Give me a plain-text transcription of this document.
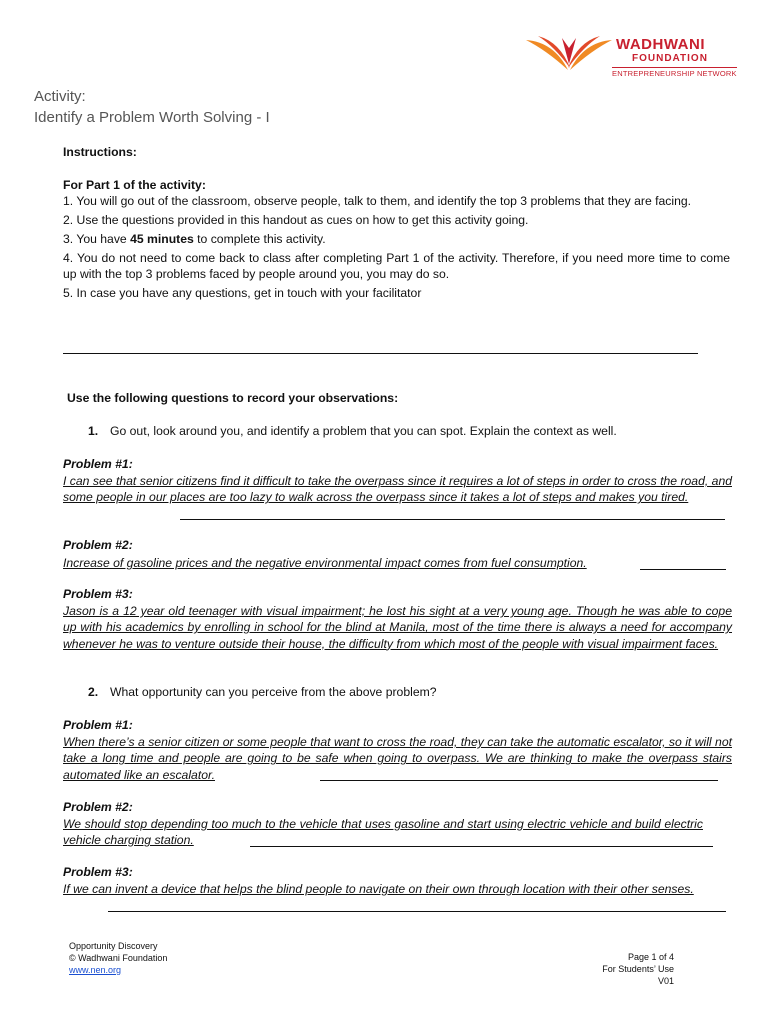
WADHWANI
FOUNDATION
ENTREPRENEURSHIP NETWORK
Activity:
Identify a Problem Worth Solving - I
Instructions:
For Part 1 of the activity:

1. You will go out of the classroom, observe people, talk to them, and identify the top 3 problems that they are facing.

2. Use the questions provided in this handout as cues on how to get this activity going.

3. You have 45 minutes to complete this activity.

4. You do not need to come back to class after completing Part 1 of the activity. Therefore, if you need more time to come up with the top 3 problems faced by people around you, you may do so.

5. In case you have any questions, get in touch with your facilitator

Use the following questions to record your observations:
1. Go out, look around you, and identify a problem that you can spot. Explain the context as well.
Problem #1:
I can see that senior citizens find it difficult to take the overpass since it requires a lot of steps in order to cross the road, and some people in our places are too lazy to walk across the overpass since it takes a lot of steps and makes you tired.
Problem #2:
Increase of gasoline prices and the negative environmental impact comes from fuel consumption.
Problem #3:
Jason is a 12 year old teenager with visual impairment; he lost his sight at a very young age. Though he was able to cope up with his academics by enrolling in school for the blind at Manila, most of the time there is always a need for accompany whenever he was to venture outside their house, the difficulty from which most of the people with visual impairment faces.
2. What opportunity can you perceive from the above problem?
Problem #1:
When there’s a senior citizen or some people that want to cross the road, they can take the automatic escalator, so it will not take a long time and people are going to be safe when going to overpass. We are thinking to make the overpass stairs automated like an escalator.
Problem #2:
We should stop depending too much to the vehicle that uses gasoline and start using electric vehicle and build electric vehicle charging station.
Problem #3:
If we can invent a device that helps the blind people to navigate on their own through location with their other senses.
Opportunity Discovery
© Wadhwani Foundation
www.nen.org
Page 1 of 4
For Students’ Use
V01
